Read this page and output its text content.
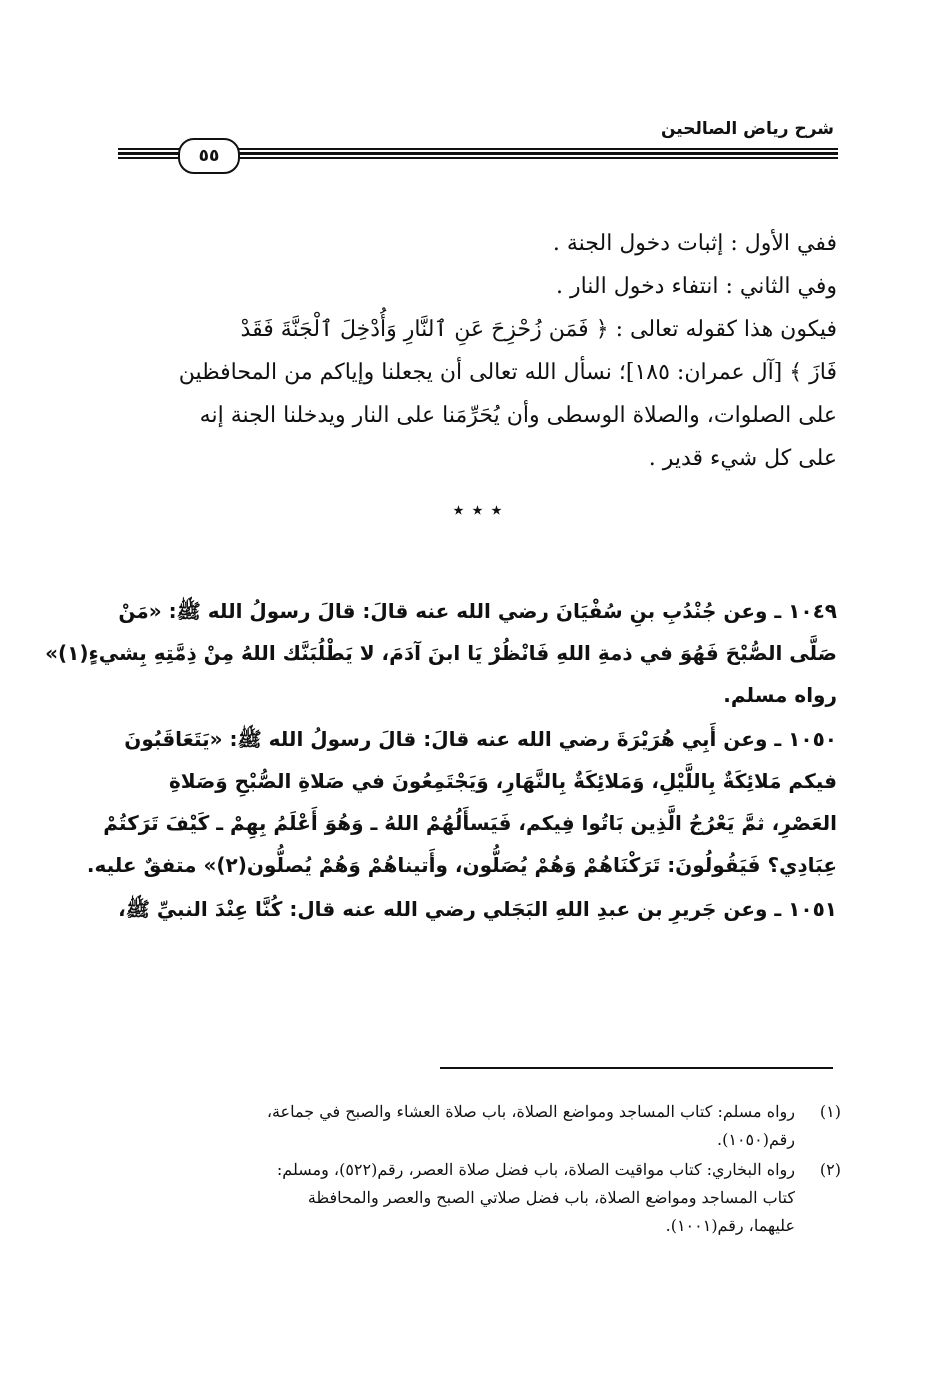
شرح رياض الصالحين
٥٥
ففي الأول : إثبات دخول الجنة .
وفي الثاني : انتفاء دخول النار .
فيكون هذا كقوله تعالى : ﴿ فَمَن زُحْزِحَ عَنِ ٱلنَّارِ وَأُدْخِلَ ٱلْجَنَّةَ فَقَدْ
فَازَ ﴾ [آل عمران: ١٨٥]؛ نسأل الله تعالى أن يجعلنا وإياكم من المحافظين
على الصلوات، والصلاة الوسطى وأن يُحَرِّمَنا على النار ويدخلنا الجنة إنه
على كل شيء قدير .
٭ ٭ ٭
١٠٤٩ ـ وعن جُنْدُبِ بنِ سُفْيَانَ رضي الله عنه قالَ: قالَ رسولُ الله ﷺ: «مَنْ
صَلَّى الصُّبْحَ فَهُوَ في ذمةِ اللهِ فَانْظُرْ يَا ابنَ آدَمَ، لا يَطْلُبَنَّك اللهُ مِنْ ذِمَّتِهِ بِشيءٍ(١)»
رواه مسلم.
١٠٥٠ ـ وعن أَبِي هُرَيْرَةَ رضي الله عنه قالَ: قالَ رسولُ الله ﷺ: «يَتَعَاقَبُونَ
فيكم مَلائِكَةٌ بِاللَّيْلِ، وَمَلائِكَةٌ بِالنَّهَارِ، وَيَجْتَمِعُونَ في صَلاةِ الصُّبْحِ وَصَلاةِ
العَصْرِ، ثمَّ يَعْرُجُ الَّذِين بَاتُوا فِيكم، فَيَسأَلُهُمْ اللهُ ـ وَهُوَ أَعْلَمُ بِهِمْ ـ كَيْفَ تَرَكتُمْ
عِبَادِي؟ فَيَقُولُونَ: تَرَكْنَاهُمْ وَهُمْ يُصَلُّون، وأَتيناهُمْ وَهُمْ يُصلُّون(٢)» متفقٌ عليه.
١٠٥١ ـ وعن جَريرِ بن عبدِ اللهِ البَجَلي رضي الله عنه قال: كُنَّا عِنْدَ النبيِّ ﷺ،
(١)
رواه مسلم: كتاب المساجد ومواضع الصلاة، باب صلاة العشاء والصبح في جماعة،
رقم(١٠٥٠).
(٢)
رواه البخاري: كتاب مواقيت الصلاة، باب فضل صلاة العصر، رقم(٥٢٢)، ومسلم:
كتاب المساجد ومواضع الصلاة، باب فضل صلاتي الصبح والعصر والمحافظة
عليهما، رقم(١٠٠١).
